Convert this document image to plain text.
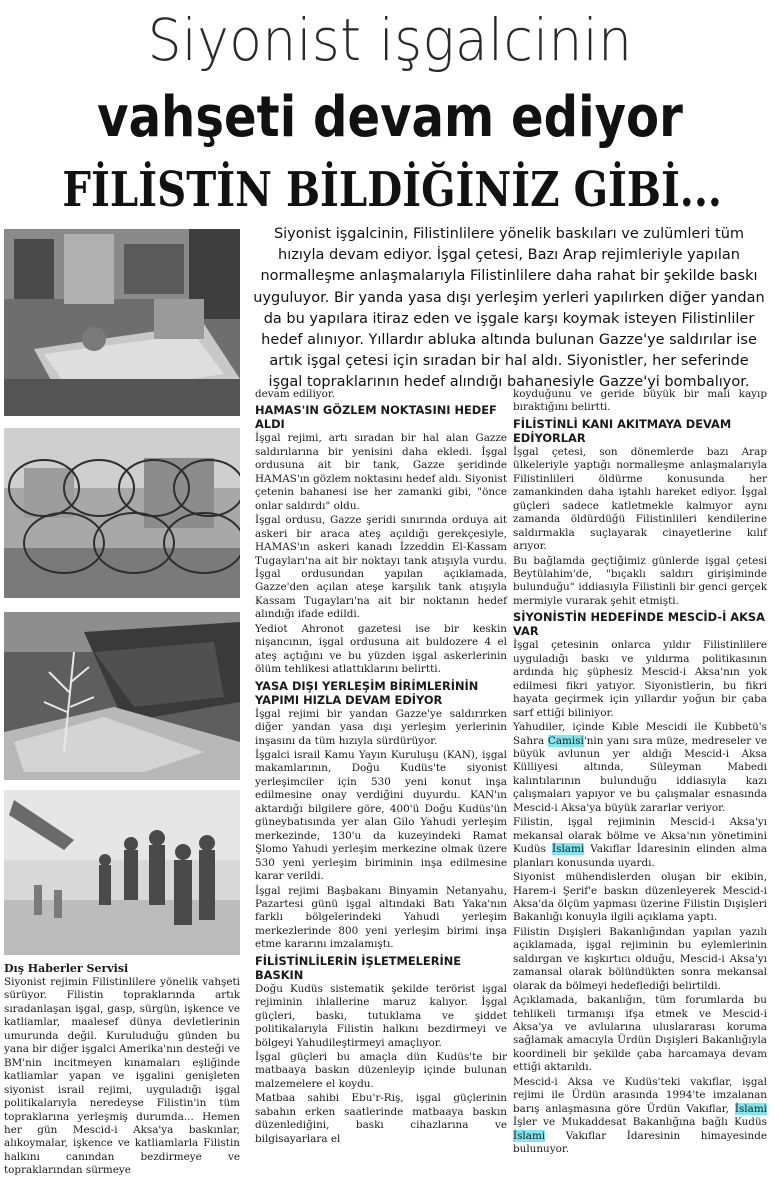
Siyonist işgalcinin
vahşeti devam ediyor
FİLİSTİN BİLDİĞİNİZ GİBİ...
Siyonist işgalcinin, Filistinlilere yönelik baskıları ve zulümleri tüm hızıyla devam ediyor. İşgal çetesi, Bazı Arap rejimleriyle yapılan normalleşme anlaşmalarıyla Filistinlilere daha rahat bir şekilde baskı uyguluyor. Bir yanda yasa dışı yerleşim yerleri yapılırken diğer yandan da bu yapılara itiraz eden ve işgale karşı koymak isteyen Filistinliler hedef alınıyor. Yıllardır abluka altında bulunan Gazze'ye saldırılar ise artık işgal çetesi için sıradan bir hal aldı. Siyonistler, her seferinde işgal topraklarının hedef alındığı bahanesiyle Gazze'yi bombalıyor.
Dış Haberler Servisi

Siyonist rejimin Filistinlilere yönelik vahşeti sürüyor. Filistin topraklarında artık sıradanlaşan işgal, gasp, sürgün, işkence ve katliamlar, maalesef dünya devletlerinin umurunda değil. Kuruluduğu günden bu yana bir diğer işgalci Amerika'nın desteği ve BM'nin incitmeyen kınamaları eşliğinde katliamlar yapan ve işgalini genişleten siyonist israil rejimi, uyguladığı işgal politikalarıyla neredeyse Filistin'in tüm topraklarına yerleşmiş durumda... Hemen her gün Mescid-i Aksa'ya baskınlar, alıkoymalar, işkence ve katliamlarla Filistin halkını canından bezdirmeye ve topraklarından sürmeye

devam ediliyor.

HAMAS'IN GÖZLEM NOKTASINI HEDEF ALDI

İşgal rejimi, artı sıradan bir hal alan Gazze saldırılarına bir yenisini daha ekledi. İşgal ordusuna ait bir tank, Gazze şeridinde HAMAS'ın gözlem noktasını hedef aldı. Siyonist çetenin bahanesi ise her zamanki gibi, "önce onlar saldırdı" oldu.

İşgal ordusu, Gazze şeridi sınırında orduya ait askeri bir araca ateş açıldığı gerekçesiyle, HAMAS'ın askeri kanadı İzzeddin El-Kassam Tugayları'na ait bir noktayı tank atışıyla vurdu. İşgal ordusundan yapılan açıklamada, Gazze'den açılan ateşe karşılık tank atışıyla Kassam Tugayları'na ait bir noktanın hedef alındığı ifade edildi.

Yediot Ahronot gazetesi ise bir keskin nişancının, işgal ordusuna ait buldozere 4 el ateş açtığını ve bu yüzden işgal askerlerinin ölüm tehlikesi atlattıklarını belirtti.

YASA DIŞI YERLEŞİM BİRİMLERİNİN YAPIMI HIZLA DEVAM EDİYOR

İşgal rejimi bir yandan Gazze'ye saldırırken diğer yandan yasa dışı yerleşim yerlerinin inşasını da tüm hızıyla sürdürüyor.

İşgalci israil Kamu Yayın Kuruluşu (KAN), işgal makamlarının, Doğu Kudüs'te siyonist yerleşimciler için 530 yeni konut inşa edilmesine onay verdiğini duyurdu. KAN'ın aktardığı bilgilere göre, 400'ü Doğu Kudüs'ün güneybatısında yer alan Gilo Yahudi yerleşim merkezinde, 130'u da kuzeyindeki Ramat Şlomo Yahudi yerleşim merkezine olmak üzere 530 yeni yerleşim biriminin inşa edilmesine karar verildi.

İşgal rejimi Başbakanı Binyamin Netanyahu, Pazartesi günü işgal altındaki Batı Yaka'nın farklı bölgelerindeki Yahudi yerleşim merkezlerinde 800 yeni yerleşim birimi inşa etme kararını imzalamıştı.

FİLİSTİNLİLERİN İŞLETMELERİNE BASKIN

Doğu Kudüs sistematik şekilde terörist işgal rejiminin ihlallerine maruz kalıyor. İşgal güçleri, baskı, tutuklama ve şiddet politikalarıyla Filistin halkını bezdirmeyi ve bölgeyi Yahudileştirmeyi amaçlıyor.

İşgal güçleri bu amaçla dün Kudüs'te bir matbaaya baskın düzenleyip içinde bulunan malzemelere el koydu.

Matbaa sahibi Ebu'r-Riş, işgal güçlerinin sabahın erken saatlerinde matbaaya baskın düzenlediğini, baskı cihazlarına ve bilgisayarlara el

koyduğunu ve geride büyük bir mali kayıp bıraktığını belirtti.

FİLİSTİNLİ KANI AKITMAYA DEVAM EDİYORLAR

İşgal çetesi, son dönemlerde bazı Arap ülkeleriyle yaptığı normalleşme anlaşmalarıyla Filistinlileri öldürme konusunda her zamankinden daha iştahlı hareket ediyor. İşgal güçleri sadece katletmekle kalmıyor aynı zamanda öldürdüğü Filistinlileri kendilerine saldırmakla suçlayarak cinayetlerine kılıf arıyor.

Bu bağlamda geçtiğimiz günlerde işgal çetesi Beytülahim'de, "bıçaklı saldırı girişiminde bulunduğu" iddiasıyla Filistinli bir genci gerçek mermiyle vurarak şehit etmişti.

SİYONİSTİN HEDEFİNDE MESCİD-İ AKSA VAR

İşgal çetesinin onlarca yıldır Filistinlilere uyguladığı baskı ve yıldırma politikasının ardında hiç şüphesiz Mescid-i Aksa'nın yok edilmesi fikri yatıyor. Siyonistlerin, bu fikri hayata geçirmek için yıllardır yoğun bir çaba sarf ettiği biliniyor.

Yahudiler, içinde Kıble Mescidi ile Kubbetü's Sahra Camisi'nin yanı sıra müze, medreseler ve büyük avlunun yer aldığı Mescid-i Aksa Külliyesi altında, Süleyman Mabedi kalıntılarının bulunduğu iddiasıyla kazı çalışmaları yapıyor ve bu çalışmalar esnasında Mescid-i Aksa'ya büyük zararlar veriyor.

Filistin, işgal rejiminin Mescid-i Aksa'yı mekansal olarak bölme ve Aksa'nın yönetimini Kudüs İslami Vakıflar İdaresinin elinden alma planları konusunda uyardı.

Siyonist mühendislerden oluşan bir ekibin, Harem-i Şerif'e baskın düzenleyerek Mescid-i Aksa'da ölçüm yapması üzerine Filistin Dışişleri Bakanlığı konuyla ilgili açıklama yaptı.

Filistin Dışişleri Bakanlığından yapılan yazılı açıklamada, işgal rejiminin bu eylemlerinin saldırgan ve kışkırtıcı olduğu, Mescid-i Aksa'yı zamansal olarak bölündükten sonra mekansal olarak da bölmeyi hedeflediği belirtildi.

Açıklamada, bakanlığın, tüm forumlarda bu tehlikeli tırmanışı ifşa etmek ve Mescid-i Aksa'ya ve avlularına uluslararası koruma sağlamak amacıyla Ürdün Dışişleri Bakanlığıyla koordineli bir şekilde çaba harcamaya devam ettiği aktarıldı.

Mescid-i Aksa ve Kudüs'teki vakıflar, işgal rejimi ile Ürdün arasında 1994'te imzalanan barış anlaşmasına göre Ürdün Vakıflar, İslami İşler ve Mukaddesat Bakanlığına bağlı Kudüs İslami Vakıflar İdaresinin himayesinde bulunuyor.
